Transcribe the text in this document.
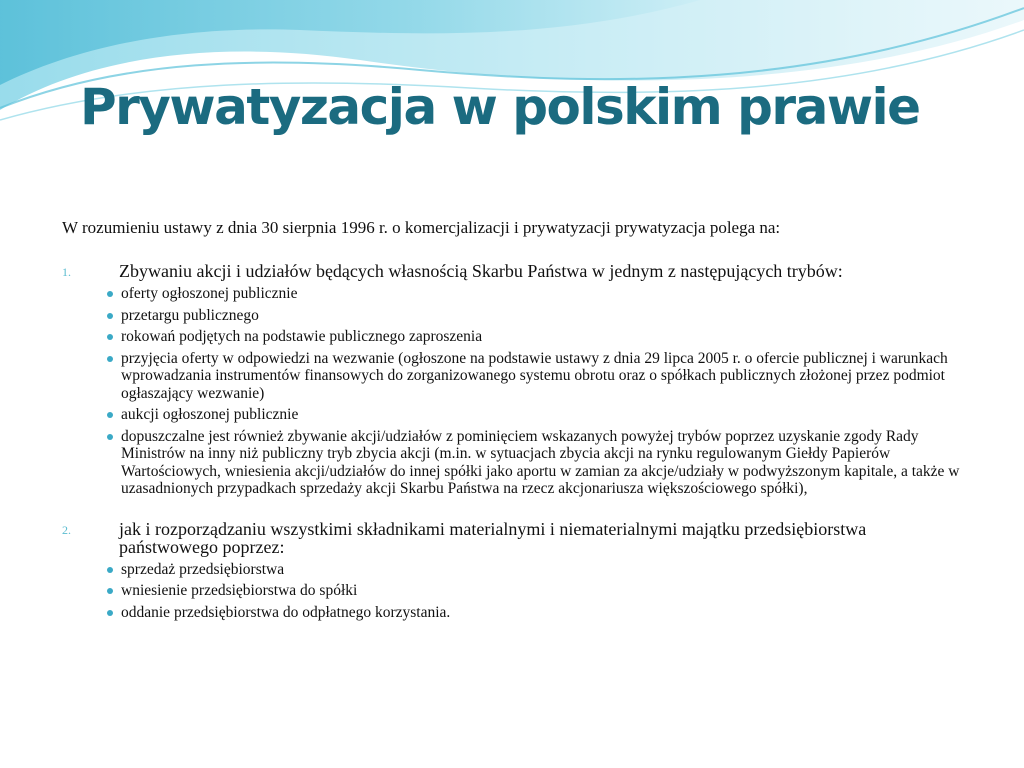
Prywatyzacja w polskim prawie

W rozumieniu ustawy z dnia 30 sierpnia 1996 r. o komercjalizacji i prywatyzacji prywatyzacja polega na:

1.	Zbywaniu akcji i udziałów będących własnością Skarbu Państwa w jednym z następujących trybów:
oferty ogłoszonej publicznie
przetargu publicznego
rokowań podjętych na podstawie publicznego zaproszenia
przyjęcia oferty w odpowiedzi na wezwanie (ogłoszone na podstawie ustawy z dnia 29 lipca 2005 r. o ofercie publicznej i warunkach wprowadzania instrumentów finansowych do zorganizowanego systemu obrotu oraz o spółkach publicznych złożonej przez podmiot ogłaszający wezwanie)
aukcji ogłoszonej publicznie
dopuszczalne jest również zbywanie akcji/udziałów z pominięciem wskazanych powyżej trybów poprzez uzyskanie zgody Rady Ministrów na inny niż publiczny tryb zbycia akcji (m.in. w sytuacjach zbycia akcji na rynku regulowanym Giełdy Papierów Wartościowych, wniesienia akcji/udziałów do innej spółki jako aportu w zamian za akcje/udziały w podwyższonym kapitale, a także w uzasadnionych przypadkach sprzedaży akcji Skarbu Państwa na rzecz akcjonariusza większościowego spółki),
2.	jak i rozporządzaniu wszystkimi składnikami materialnymi i niematerialnymi majątku przedsiębiorstwa państwowego poprzez:
sprzedaż przedsiębiorstwa
wniesienie przedsiębiorstwa do spółki
oddanie przedsiębiorstwa do odpłatnego korzystania.
